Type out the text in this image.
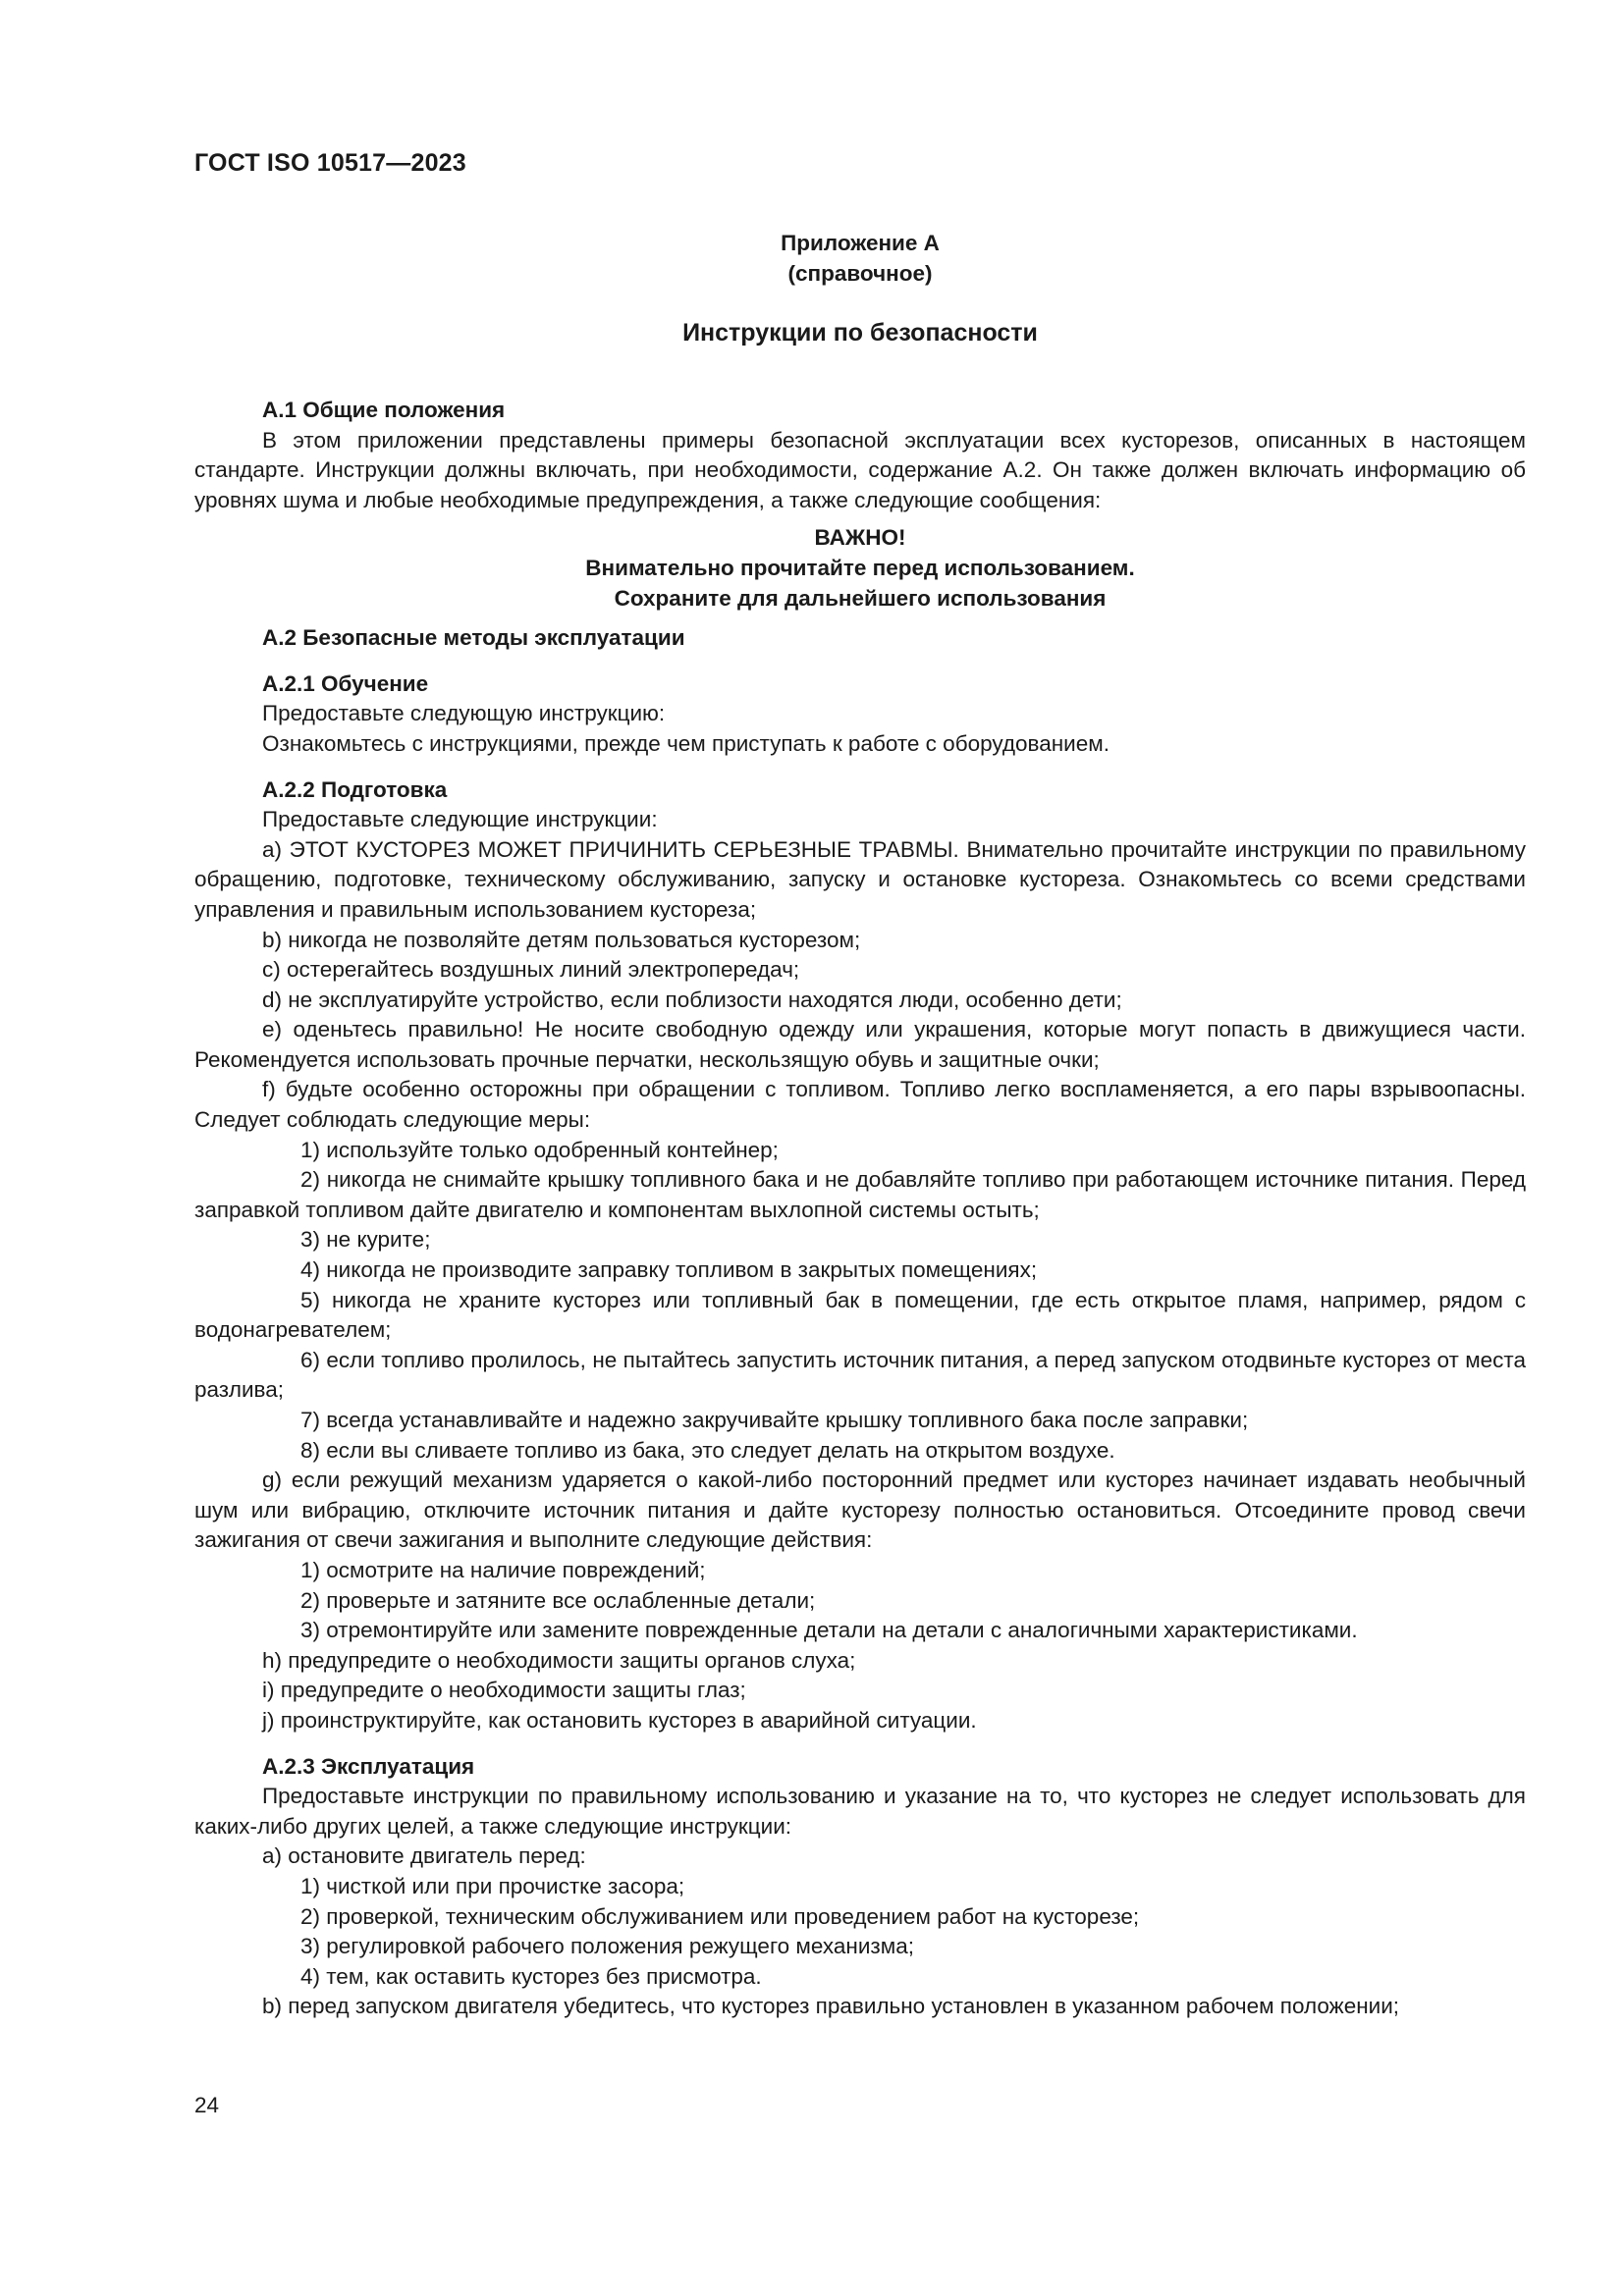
ГОСТ ISO 10517—2023
Приложение А
(справочное)
Инструкции по безопасности
А.1 Общие положения

В этом приложении представлены примеры безопасной эксплуатации всех кусторезов, описанных в настоящем стандарте. Инструкции должны включать, при необходимости, содержание А.2. Он также должен включать информацию об уровнях шума и любые необходимые предупреждения, а также следующие сообщения:

ВАЖНО!
Внимательно прочитайте перед использованием.
Сохраните для дальнейшего использования
А.2 Безопасные методы эксплуатации
А.2.1 Обучение

Предоставьте следующую инструкцию:

Ознакомьтесь с инструкциями, прежде чем приступать к работе с оборудованием.

А.2.2 Подготовка

Предоставьте следующие инструкции:

а) ЭТОТ КУСТОРЕЗ МОЖЕТ ПРИЧИНИТЬ СЕРЬЕЗНЫЕ ТРАВМЫ. Внимательно прочитайте инструкции по правильному обращению, подготовке, техническому обслуживанию, запуску и остановке кустореза. Ознакомьтесь со всеми средствами управления и правильным использованием кустореза;

b) никогда не позволяйте детям пользоваться кусторезом;

c) остерегайтесь воздушных линий электропередач;

d) не эксплуатируйте устройство, если поблизости находятся люди, особенно дети;

e) оденьтесь правильно! Не носите свободную одежду или украшения, которые могут попасть в движущиеся части. Рекомендуется использовать прочные перчатки, нескользящую обувь и защитные очки;

f) будьте особенно осторожны при обращении с топливом. Топливо легко воспламеняется, а его пары взрывоопасны. Следует соблюдать следующие меры:

1) используйте только одобренный контейнер;

2) никогда не снимайте крышку топливного бака и не добавляйте топливо при работающем источнике питания. Перед заправкой топливом дайте двигателю и компонентам выхлопной системы остыть;

3) не курите;

4) никогда не производите заправку топливом в закрытых помещениях;

5) никогда не храните кусторез или топливный бак в помещении, где есть открытое пламя, например, рядом с водонагревателем;

6) если топливо пролилось, не пытайтесь запустить источник питания, а перед запуском отодвиньте кусторез от места разлива;

7) всегда устанавливайте и надежно закручивайте крышку топливного бака после заправки;

8) если вы сливаете топливо из бака, это следует делать на открытом воздухе.

g) если режущий механизм ударяется о какой-либо посторонний предмет или кусторез начинает издавать необычный шум или вибрацию, отключите источник питания и дайте кусторезу полностью остановиться. Отсоедините провод свечи зажигания от свечи зажигания и выполните следующие действия:

1) осмотрите на наличие повреждений;

2) проверьте и затяните все ослабленные детали;

3) отремонтируйте или замените поврежденные детали на детали с аналогичными характеристиками.

h) предупредите о необходимости защиты органов слуха;

i) предупредите о необходимости защиты глаз;

j) проинструктируйте, как остановить кусторез в аварийной ситуации.

А.2.3 Эксплуатация

Предоставьте инструкции по правильному использованию и указание на то, что кусторез не следует использовать для каких-либо других целей, а также следующие инструкции:

а) остановите двигатель перед:

1) чисткой или при прочистке засора;

2) проверкой, техническим обслуживанием или проведением работ на кусторезе;

3) регулировкой рабочего положения режущего механизма;

4) тем, как оставить кусторез без присмотра.

b) перед запуском двигателя убедитесь, что кусторез правильно установлен в указанном рабочем положении;

24
